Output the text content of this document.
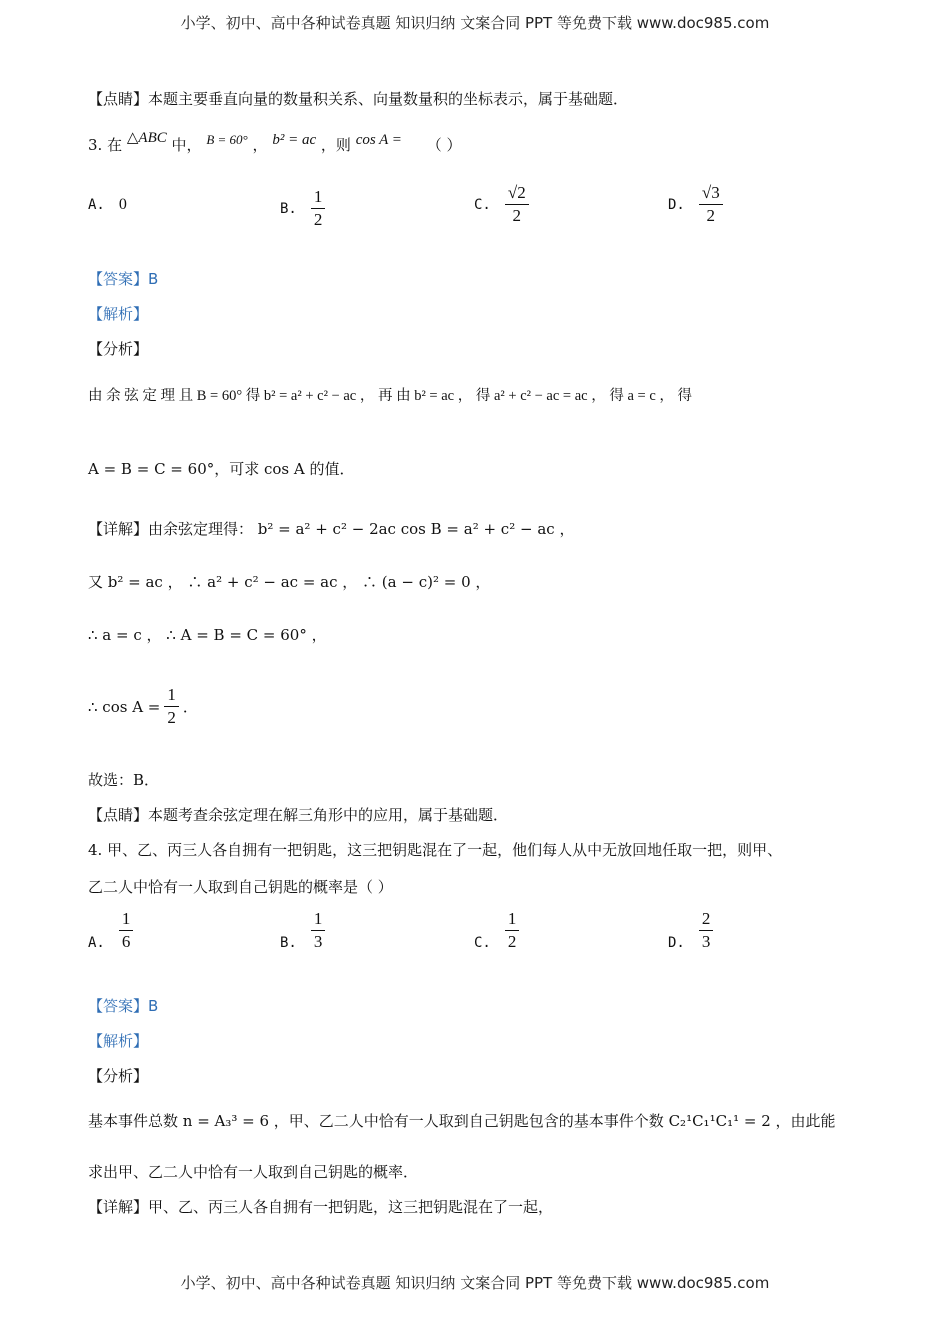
小学、初中、高中各种试卷真题 知识归纳 文案合同 PPT 等免费下载 www.doc985.com
【点睛】本题主要垂直向量的数量积关系、向量数量积的坐标表示，属于基础题．
3. 在 △ABC 中， B = 60° ， b² = ac ，则 cos A = （ ）
A. 0	B. $\frac{1}{2}$	C. $\frac{√2}{2}$	D. $\frac{√3}{2}$
【答案】B
【解析】
【分析】
由 余 弦 定 理 且 B = 60° 得 b² = a² + c² − ac ， 再 由 b² = ac ， 得 a² + c² − ac = ac ， 得 a = c ， 得
A = B = C = 60°，可求 cos A 的值．
【详解】由余弦定理得： b² = a² + c² − 2ac cos B = a² + c² − ac ，
又 b² = ac ， ∴ a² + c² − ac = ac ， ∴ (a − c)² = 0 ，
∴ a = c ， ∴ A = B = C = 60° ，
∴ $\cos A = \frac{1}{2}$ ．
故选：B．
【点睛】本题考查余弦定理在解三角形中的应用，属于基础题．
4. 甲、乙、丙三人各自拥有一把钥匙，这三把钥匙混在了一起，他们每人从中无放回地任取一把，则甲、
乙二人中恰有一人取到自己钥匙的概率是（ ）
A. $\frac{1}{6}$	B. $\frac{1}{3}$	C. $\frac{1}{2}$	D. $\frac{2}{3}$
【答案】B
【解析】
【分析】
基本事件总数 n = A₃³ = 6 ，甲、乙二人中恰有一人取到自己钥匙包含的基本事件个数 C₂¹C₁¹C₁¹ = 2 ，由此能
求出甲、乙二人中恰有一人取到自己钥匙的概率．
【详解】甲、乙、丙三人各自拥有一把钥匙，这三把钥匙混在了一起，
小学、初中、高中各种试卷真题 知识归纳 文案合同 PPT 等免费下载 www.doc985.com
